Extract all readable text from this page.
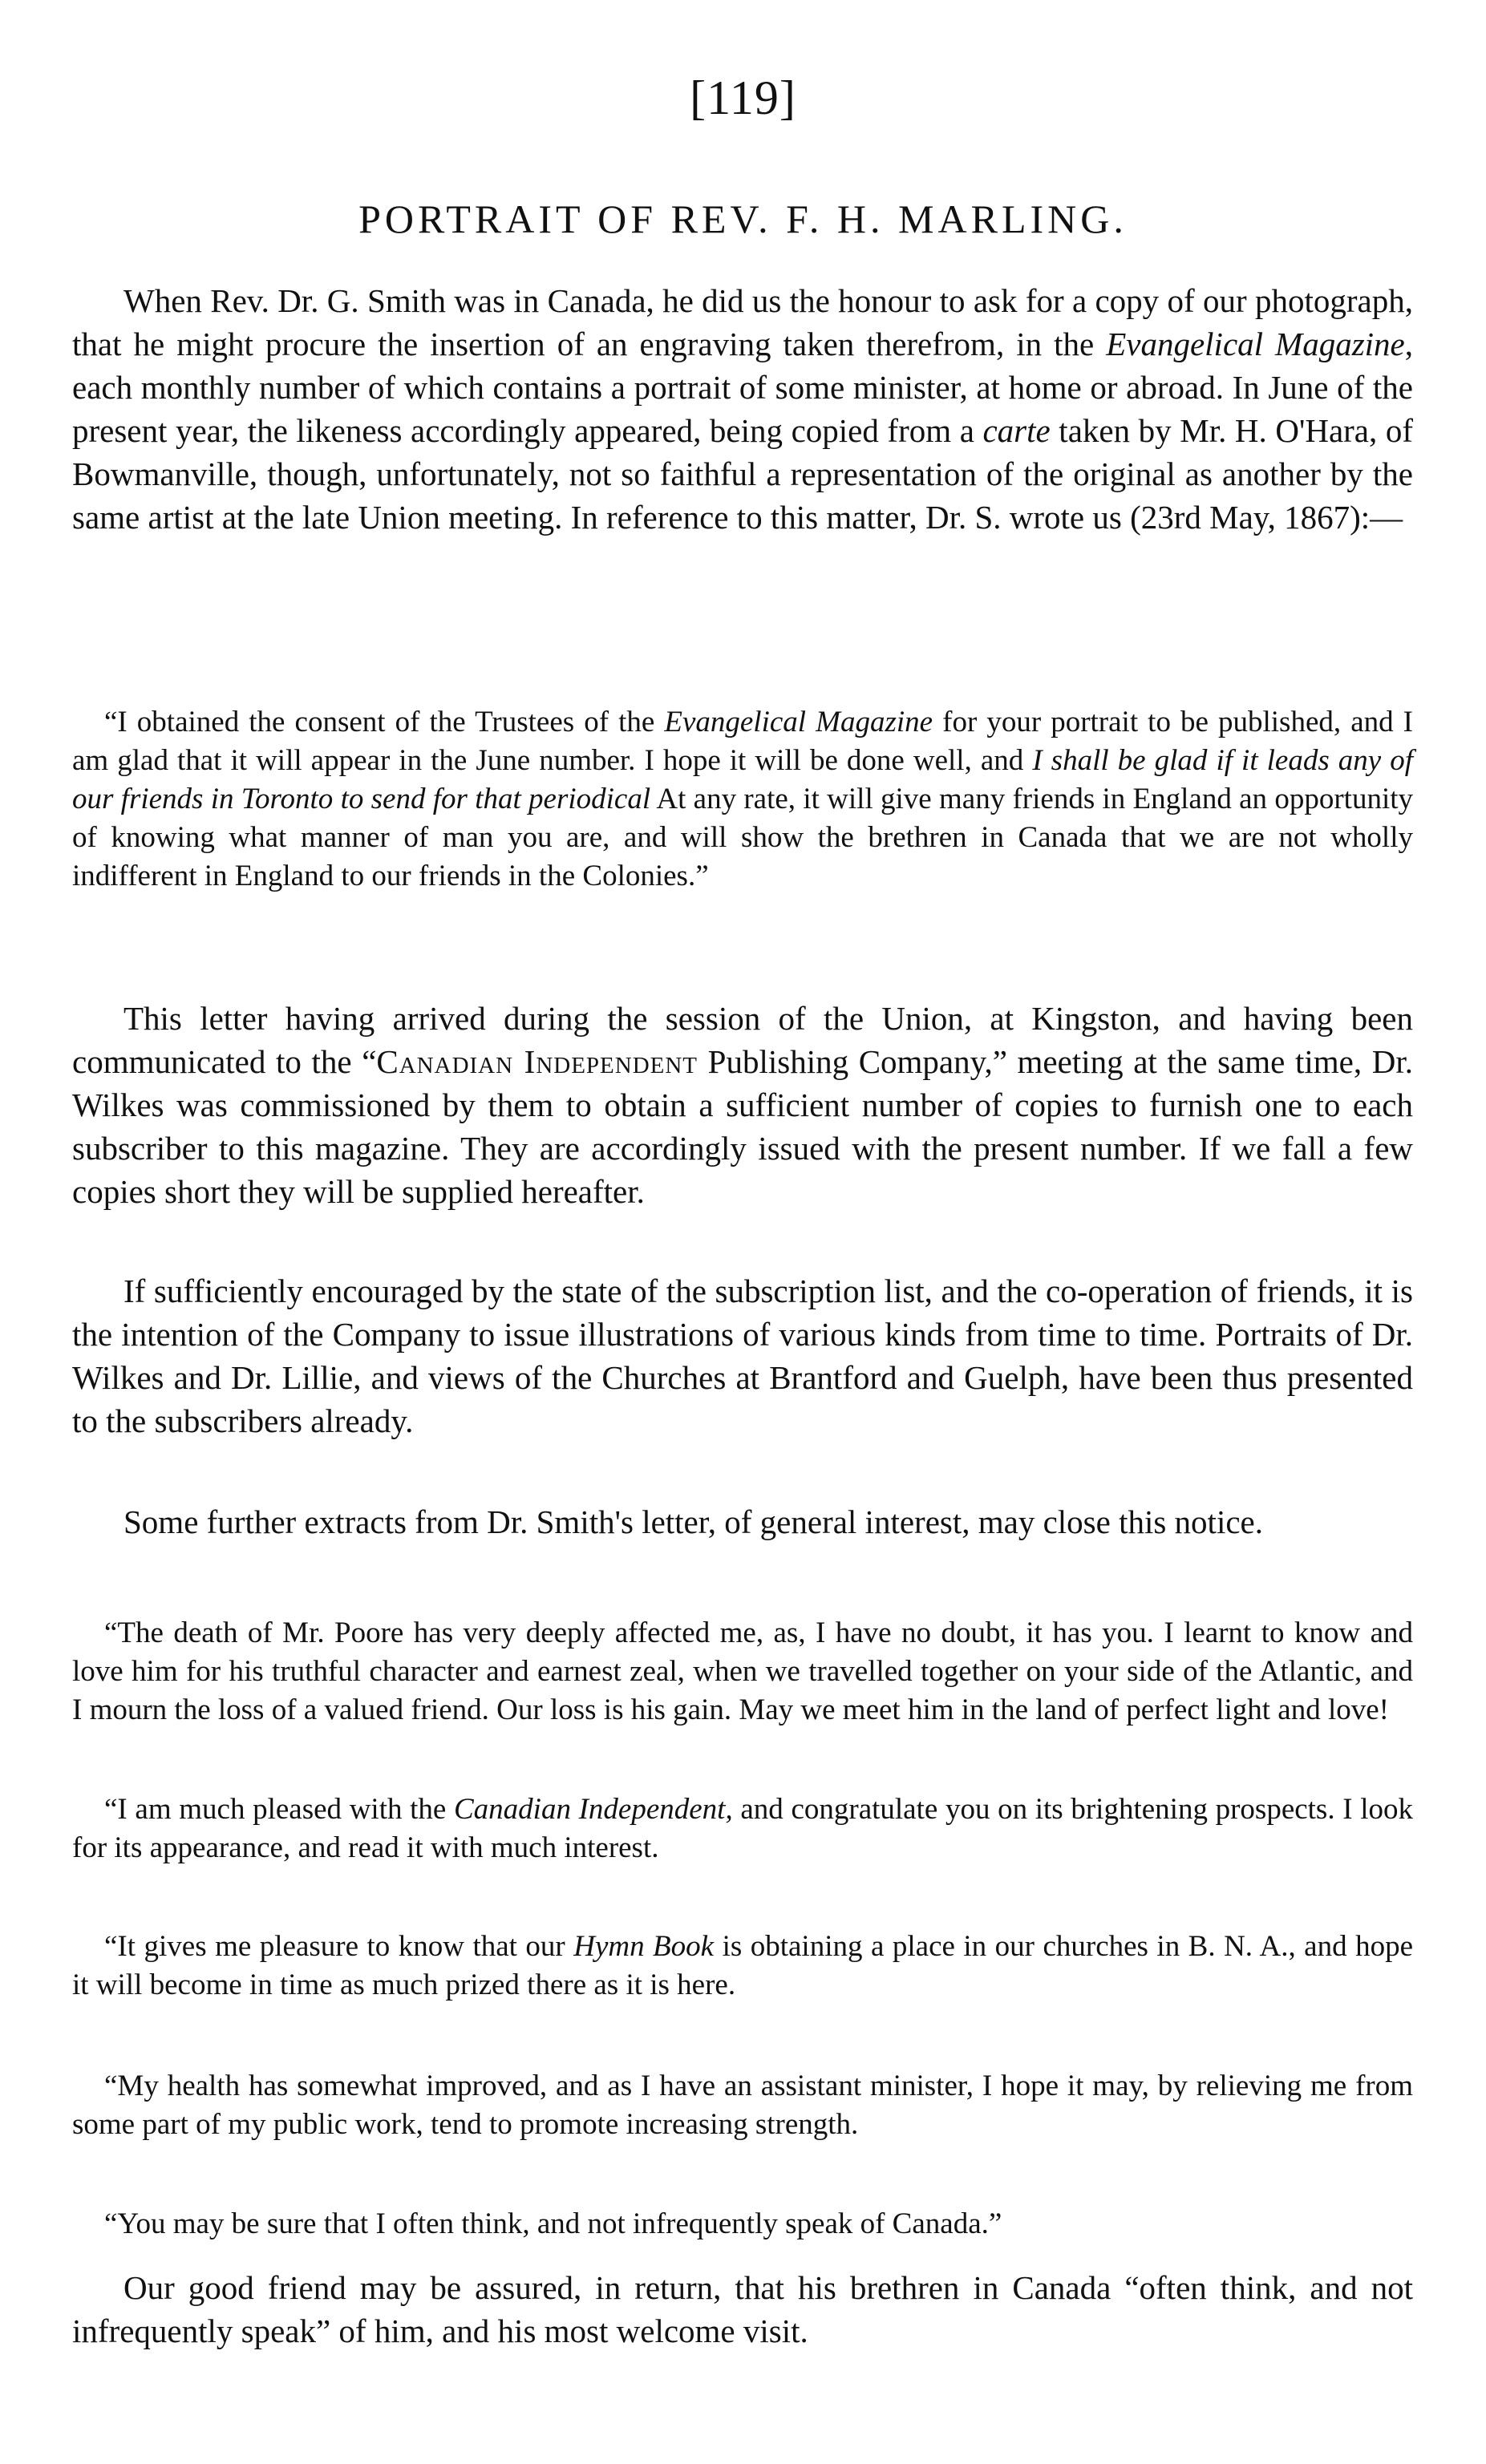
[119]
PORTRAIT OF REV. F. H. MARLING.

When Rev. Dr. G. Smith was in Canada, he did us the honour to ask for a copy of our photograph, that he might procure the insertion of an engraving taken therefrom, in the Evangelical Magazine, each monthly number of which contains a portrait of some minister, at home or abroad. In June of the present year, the likeness accordingly appeared, being copied from a carte taken by Mr. H. O'Hara, of Bowmanville, though, unfortunately, not so faithful a representation of the original as another by the same artist at the late Union meeting. In reference to this matter, Dr. S. wrote us (23rd May, 1867):—

“I obtained the consent of the Trustees of the Evangelical Magazine for your portrait to be published, and I am glad that it will appear in the June number. I hope it will be done well, and I shall be glad if it leads any of our friends in Toronto to send for that periodical At any rate, it will give many friends in England an opportunity of knowing what manner of man you are, and will show the brethren in Canada that we are not wholly indifferent in England to our friends in the Colonies.”

This letter having arrived during the session of the Union, at Kingston, and having been communicated to the “Canadian Independent Publishing Company,” meeting at the same time, Dr. Wilkes was commissioned by them to obtain a sufficient number of copies to furnish one to each subscriber to this magazine. They are accordingly issued with the present number. If we fall a few copies short they will be supplied hereafter.

If sufficiently encouraged by the state of the subscription list, and the co-operation of friends, it is the intention of the Company to issue illustrations of various kinds from time to time. Portraits of Dr. Wilkes and Dr. Lillie, and views of the Churches at Brantford and Guelph, have been thus presented to the subscribers already.

Some further extracts from Dr. Smith's letter, of general interest, may close this notice.

“The death of Mr. Poore has very deeply affected me, as, I have no doubt, it has you. I learnt to know and love him for his truthful character and earnest zeal, when we travelled together on your side of the Atlantic, and I mourn the loss of a valued friend. Our loss is his gain. May we meet him in the land of perfect light and love!

“I am much pleased with the Canadian Independent, and congratulate you on its brightening prospects. I look for its appearance, and read it with much interest.

“It gives me pleasure to know that our Hymn Book is obtaining a place in our churches in B. N. A., and hope it will become in time as much prized there as it is here.

“My health has somewhat improved, and as I have an assistant minister, I hope it may, by relieving me from some part of my public work, tend to promote increasing strength.

“You may be sure that I often think, and not infrequently speak of Canada.”

Our good friend may be assured, in return, that his brethren in Canada “often think, and not infrequently speak” of him, and his most welcome visit.
